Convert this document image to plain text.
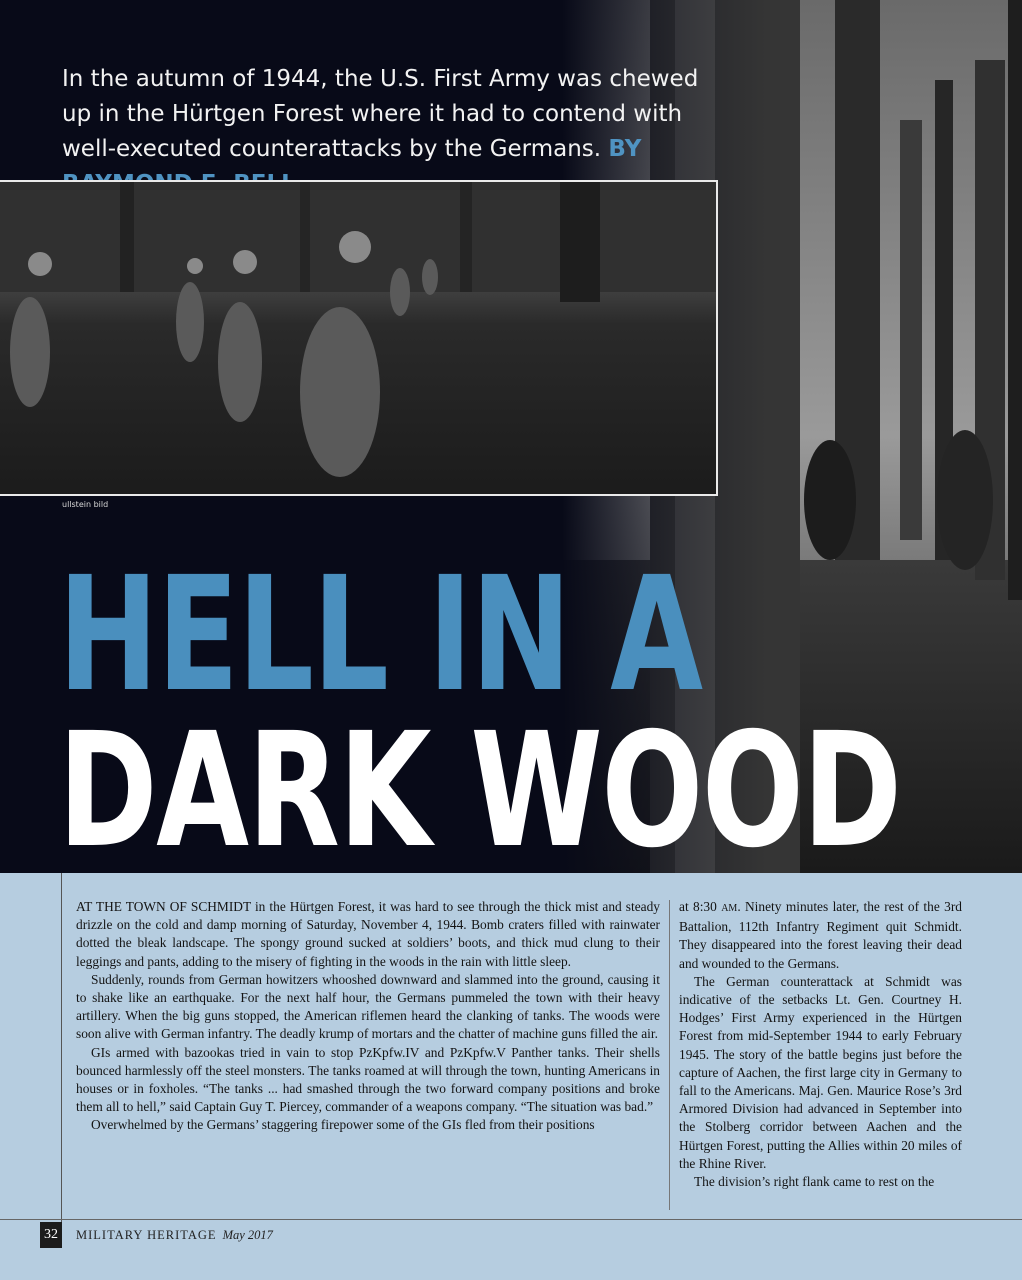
In the autumn of 1944, the U.S. First Army was chewed up in the Hürtgen Forest where it had to contend with well-executed counterattacks by the Germans. BY
ullstein bild
HELL IN A
DARK WOOD

AT THE TOWN OF SCHMIDT in the Hürtgen Forest, it was hard to see through the thick mist and steady drizzle on the cold and damp morning of Saturday, November 4, 1944. Bomb craters filled with rainwater dotted the bleak landscape. The spongy ground sucked at soldiers’ boots, and thick mud clung to their leggings and pants, adding to the misery of fighting in the woods in the rain with little sleep.

Suddenly, rounds from German howitzers whooshed downward and slammed into the ground, causing it to shake like an earthquake. For the next half hour, the Germans pummeled the town with their heavy artillery. When the big guns stopped, the American riflemen heard the clanking of tanks. The woods were soon alive with German infantry. The deadly krump of mortars and the chatter of machine guns filled the air.

GIs armed with bazookas tried in vain to stop PzKpfw.IV and PzKpfw.V Panther tanks. Their shells bounced harmlessly off the steel monsters. The tanks roamed at will through the town, hunting Americans in houses or in foxholes. “The tanks ... had smashed through the two forward company positions and broke them all to hell,” said Captain Guy T. Piercey, commander of a weapons company. “The situation was bad.”

Overwhelmed by the Germans’ staggering firepower some of the GIs fled from their positions

at 8:30 AM. Ninety minutes later, the rest of the 3rd Battalion, 112th Infantry Regiment quit Schmidt. They disappeared into the forest leaving their dead and wounded to the Germans.

The German counterattack at Schmidt was indicative of the setbacks Lt. Gen. Courtney H. Hodges’ First Army experienced in the Hürtgen Forest from mid-September 1944 to early February 1945. The story of the battle begins just before the capture of Aachen, the first large city in Germany to fall to the Americans. Maj. Gen. Maurice Rose’s 3rd Armored Division had advanced in September into the Stolberg corridor between Aachen and the Hürtgen Forest, putting the Allies within 20 miles of the Rhine River.

The division’s right flank came to rest on the

32	MILITARY HERITAGE May 2017
